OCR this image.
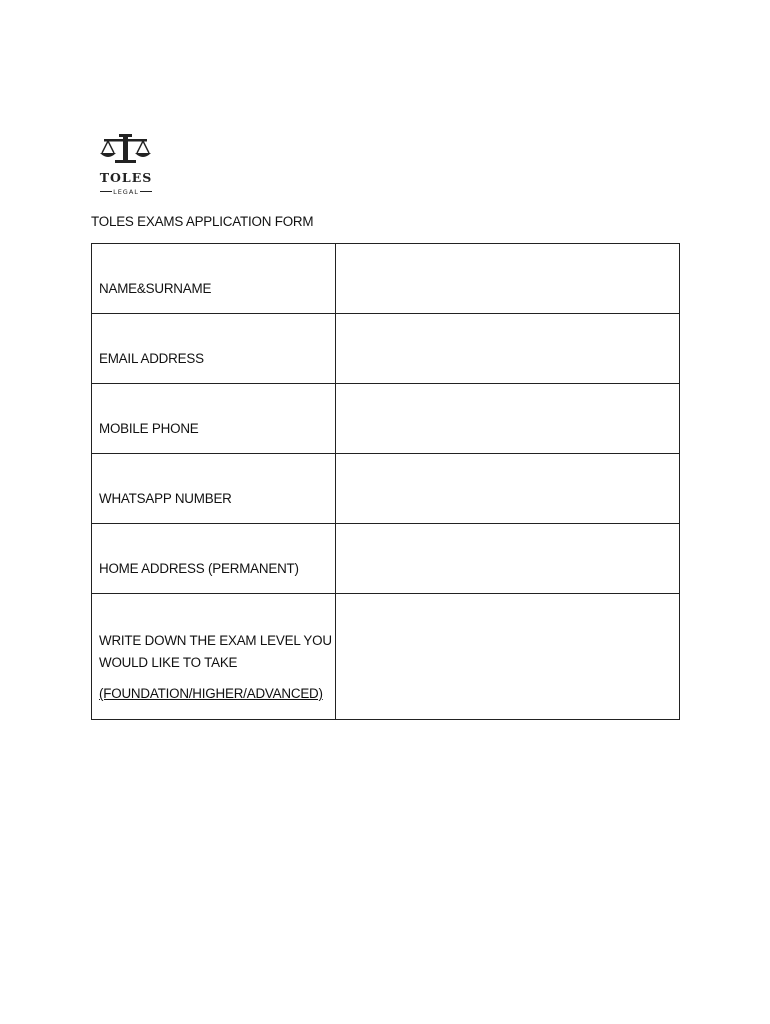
TOLES
LEGAL
TOLES EXAMS APPLICATION FORM
NAME&SURNAME	

EMAIL ADDRESS	

MOBILE PHONE	

WHATSAPP NUMBER	

HOME ADDRESS (PERMANENT)	

WRITE DOWN THE EXAM LEVEL YOU
WOULD LIKE TO TAKE
(FOUNDATION/HIGHER/ADVANCED)	
